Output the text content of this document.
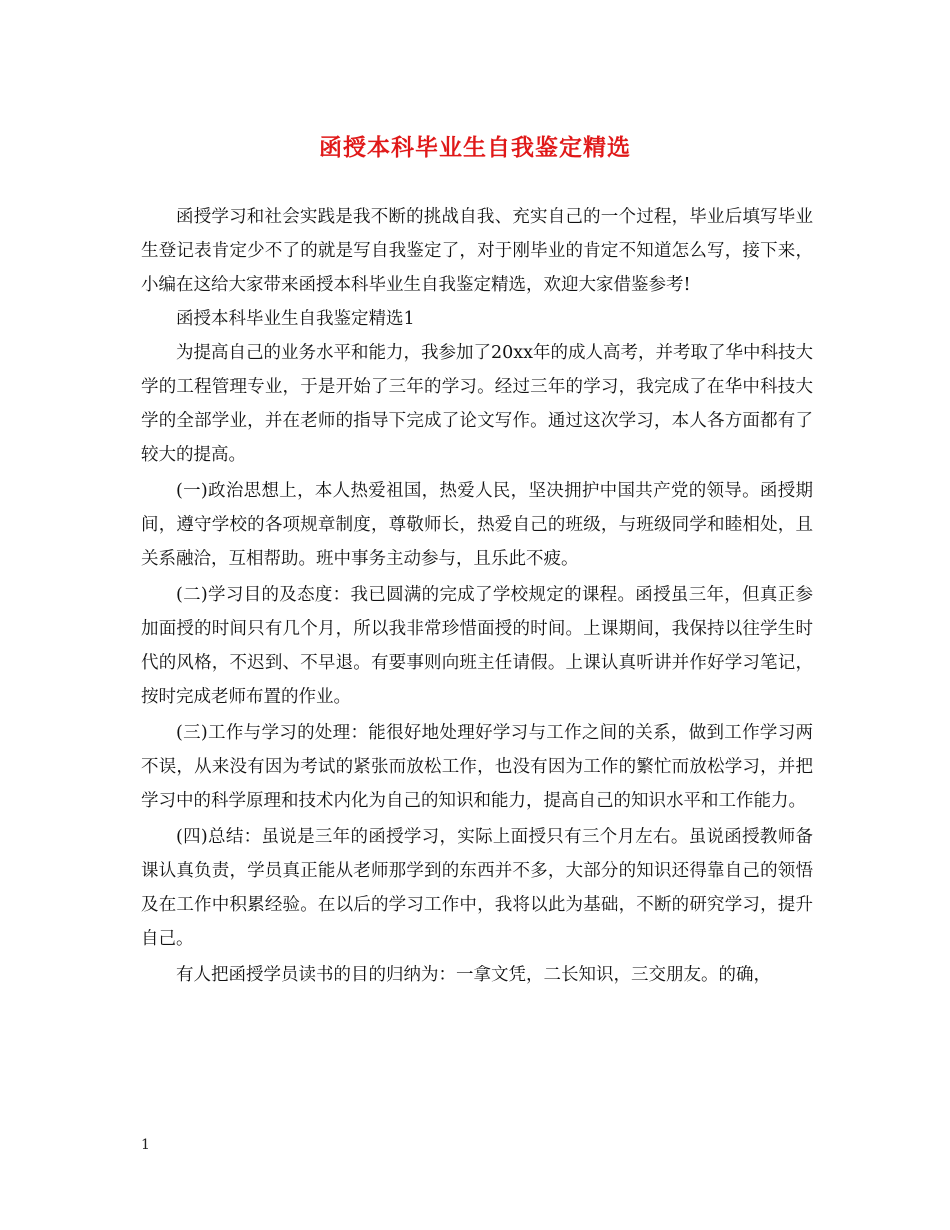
函授本科毕业生自我鉴定精选

函授学习和社会实践是我不断的挑战自我、充实自己的一个过程，毕业后填写毕业生登记表肯定少不了的就是写自我鉴定了，对于刚毕业的肯定不知道怎么写，接下来，小编在这给大家带来函授本科毕业生自我鉴定精选，欢迎大家借鉴参考!

函授本科毕业生自我鉴定精选1

为提高自己的业务水平和能力，我参加了20xx年的成人高考，并考取了华中科技大学的工程管理专业，于是开始了三年的学习。经过三年的学习，我完成了在华中科技大学的全部学业，并在老师的指导下完成了论文写作。通过这次学习，本人各方面都有了较大的提高。

(一)政治思想上，本人热爱祖国，热爱人民，坚决拥护中国共产党的领导。函授期间，遵守学校的各项规章制度，尊敬师长，热爱自己的班级，与班级同学和睦相处，且关系融洽，互相帮助。班中事务主动参与，且乐此不疲。

(二)学习目的及态度：我已圆满的完成了学校规定的课程。函授虽三年，但真正参加面授的时间只有几个月，所以我非常珍惜面授的时间。上课期间，我保持以往学生时代的风格，不迟到、不早退。有要事则向班主任请假。上课认真听讲并作好学习笔记，按时完成老师布置的作业。

(三)工作与学习的处理：能很好地处理好学习与工作之间的关系，做到工作学习两不误，从来没有因为考试的紧张而放松工作，也没有因为工作的繁忙而放松学习，并把学习中的科学原理和技术内化为自己的知识和能力，提高自己的知识水平和工作能力。

(四)总结：虽说是三年的函授学习，实际上面授只有三个月左右。虽说函授教师备课认真负责，学员真正能从老师那学到的东西并不多，大部分的知识还得靠自己的领悟及在工作中积累经验。在以后的学习工作中，我将以此为基础，不断的研究学习，提升自己。

有人把函授学员读书的目的归纳为：一拿文凭，二长知识，三交朋友。的确，

1
